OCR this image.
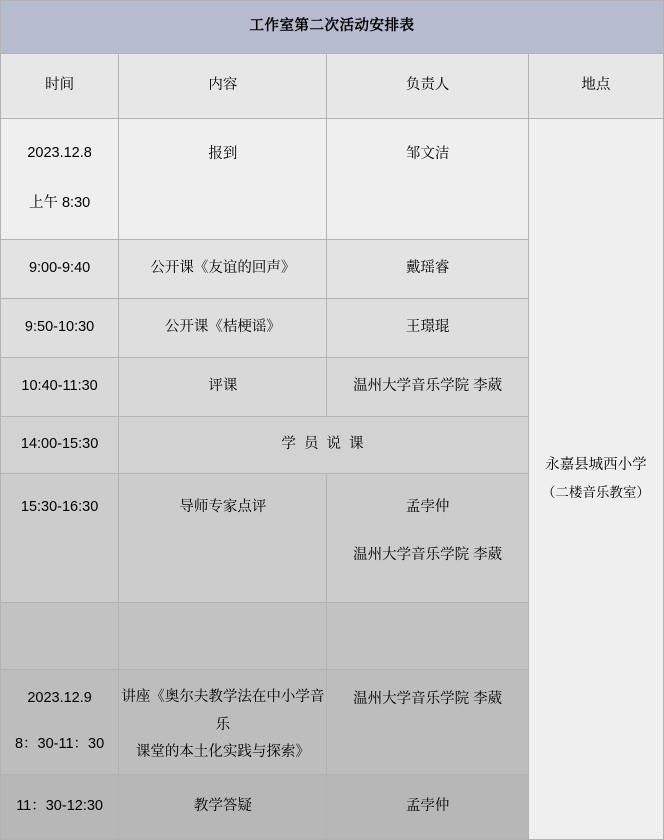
工作室第二次活动安排表			
时间	内容	负责人	地点

2023.12.8
上午 8:30	报到	邹文洁	永嘉县城西小学
（二楼音乐教室）

9:00-9:40	公开课《友谊的回声》	戴瑶睿	
9:50-10:30	公开课《桔梗谣》	王璟琨	
10:40-11:30	评课	温州大学音乐学院 李葳	
14:00-15:30	学 员 说 课		
15:30-16:30	导师专家点评	孟孛仲
温州大学音乐学院 李葳	

2023.12.9
8：30-11：30	讲座《奥尔夫教学法在中小学音乐
课堂的本土化实践与探索》	温州大学音乐学院 李葳	
11：30-12:30	教学答疑	孟孛仲	
